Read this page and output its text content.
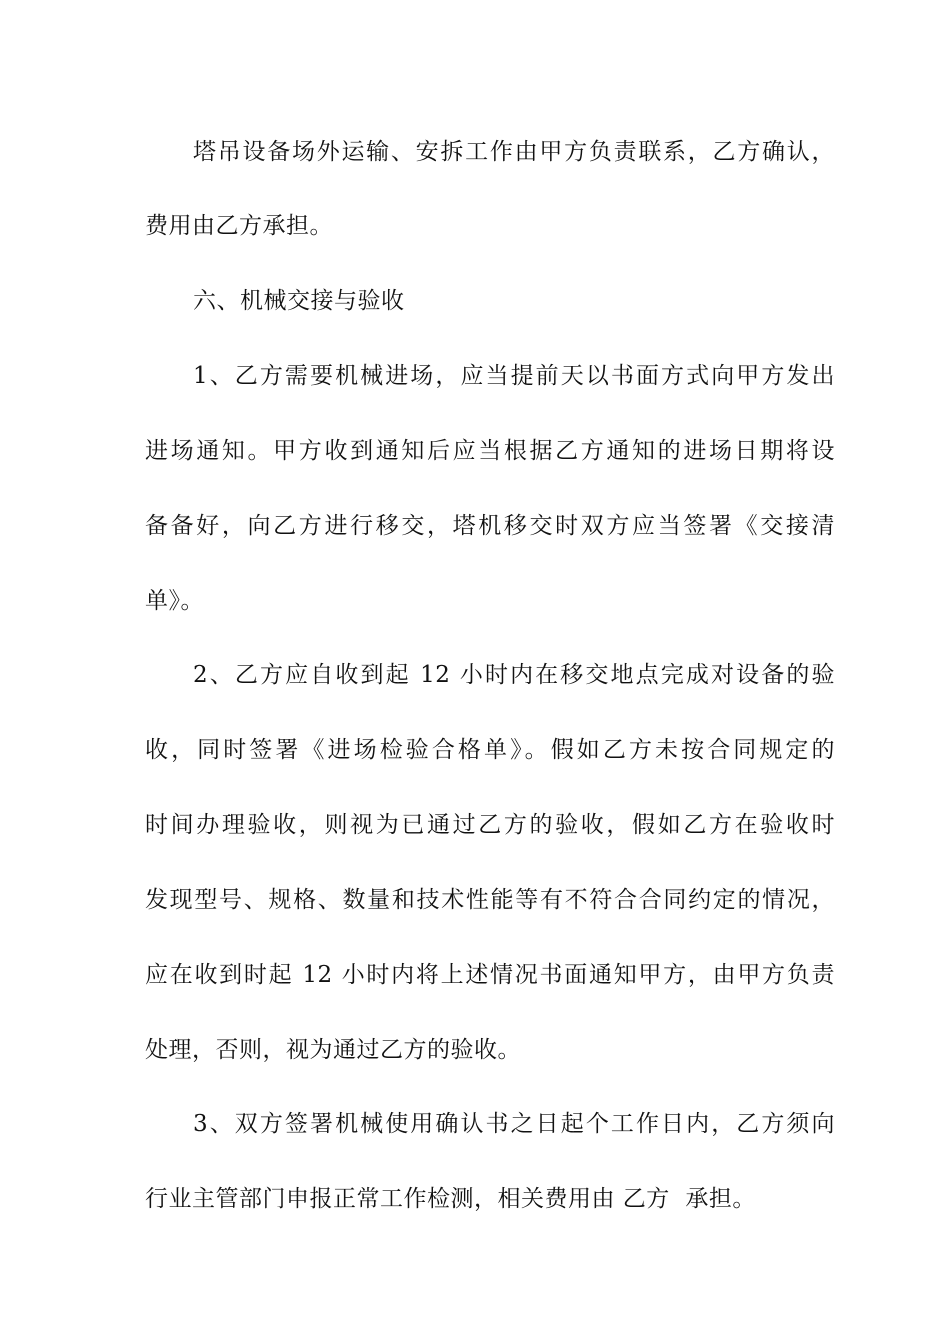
塔吊设备场外运输、安拆工作由甲方负责联系，乙方确认，
费用由乙方承担。
六、机械交接与验收
1、乙方需要机械进场，应当提前天以书面方式向甲方发出
进场通知。甲方收到通知后应当根据乙方通知的进场日期将设
备备好，向乙方进行移交，塔机移交时双方应当签署《交接清
单》。
2、乙方应自收到起 12 小时内在移交地点完成对设备的验
收，同时签署《进场检验合格单》。假如乙方未按合同规定的
时间办理验收，则视为已通过乙方的验收，假如乙方在验收时
发现型号、规格、数量和技术性能等有不符合合同约定的情况，
应在收到时起 12 小时内将上述情况书面通知甲方，由甲方负责
处理，否则，视为通过乙方的验收。
3、双方签署机械使用确认书之日起个工作日内，乙方须向
行业主管部门申报正常工作检测，相关费用由 乙方  承担。
